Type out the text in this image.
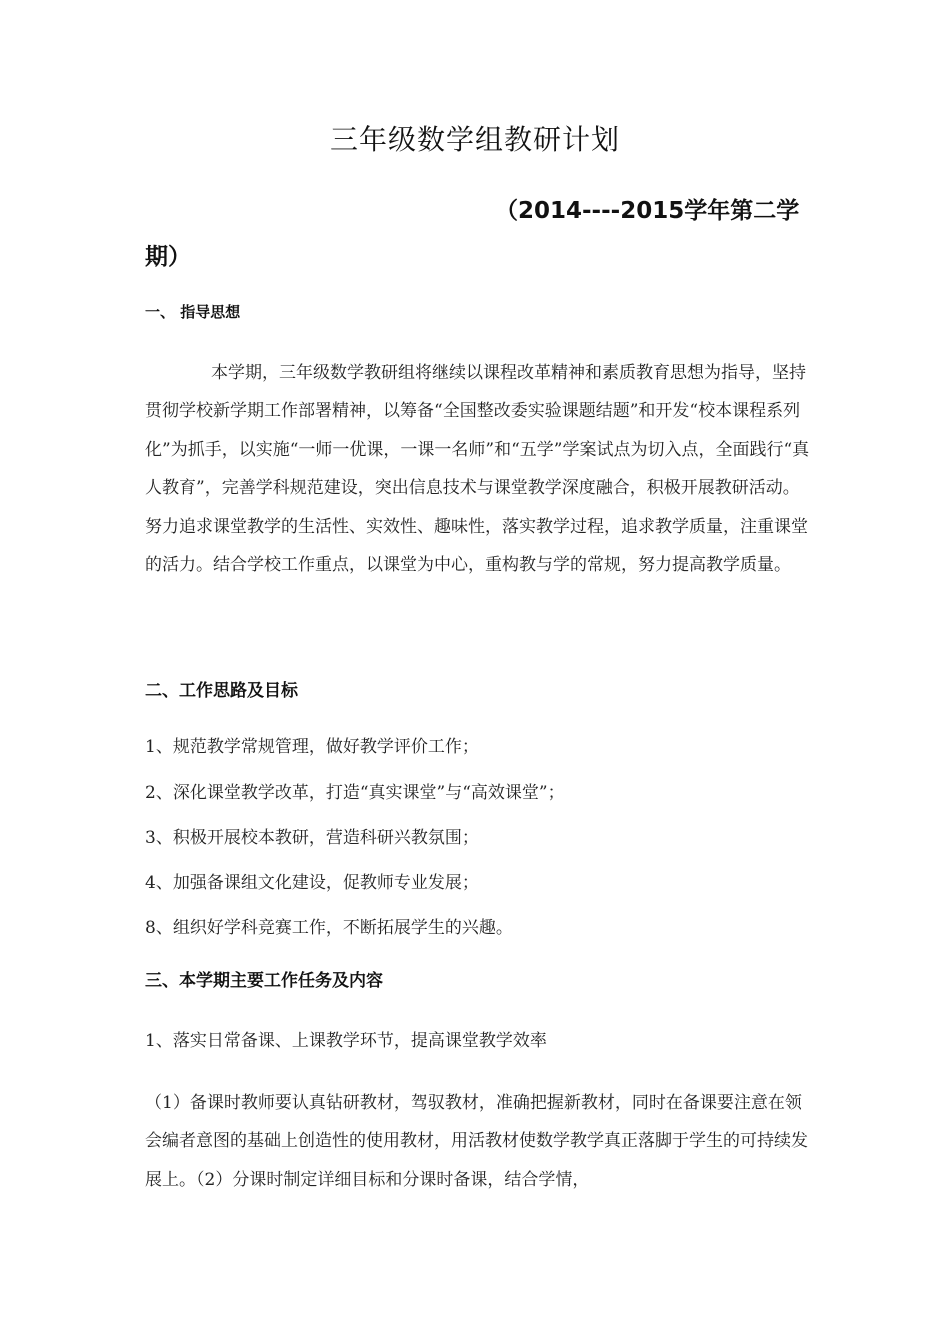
三年级数学组教研计划
（2014----2015学年第二学期）
一、 指导思想
本学期，三年级数学教研组将继续以课程改革精神和素质教育思想为指导，坚持贯彻学校新学期工作部署精神，以筹备“全国整改委实验课题结题”和开发“校本课程系列化”为抓手，以实施“一师一优课，一课一名师”和“五学”学案试点为切入点，全面践行“真人教育”，完善学科规范建设，突出信息技术与课堂教学深度融合，积极开展教研活动。努力追求课堂教学的生活性、实效性、趣味性，落实教学过程，追求教学质量，注重课堂的活力。结合学校工作重点，以课堂为中心，重构教与学的常规，努力提高教学质量。
二、工作思路及目标
1、规范教学常规管理，做好教学评价工作；
2、深化课堂教学改革，打造“真实课堂”与“高效课堂”；
3、积极开展校本教研，营造科研兴教氛围；
4、加强备课组文化建设，促教师专业发展；
8、组织好学科竞赛工作，不断拓展学生的兴趣。
三、本学期主要工作任务及内容
1、落实日常备课、上课教学环节，提高课堂教学效率
（1）备课时教师要认真钻研教材，驾驭教材，准确把握新教材，同时在备课要注意在领会编者意图的基础上创造性的使用教材，用活教材使数学教学真正落脚于学生的可持续发展上。（2）分课时制定详细目标和分课时备课，结合学情，
